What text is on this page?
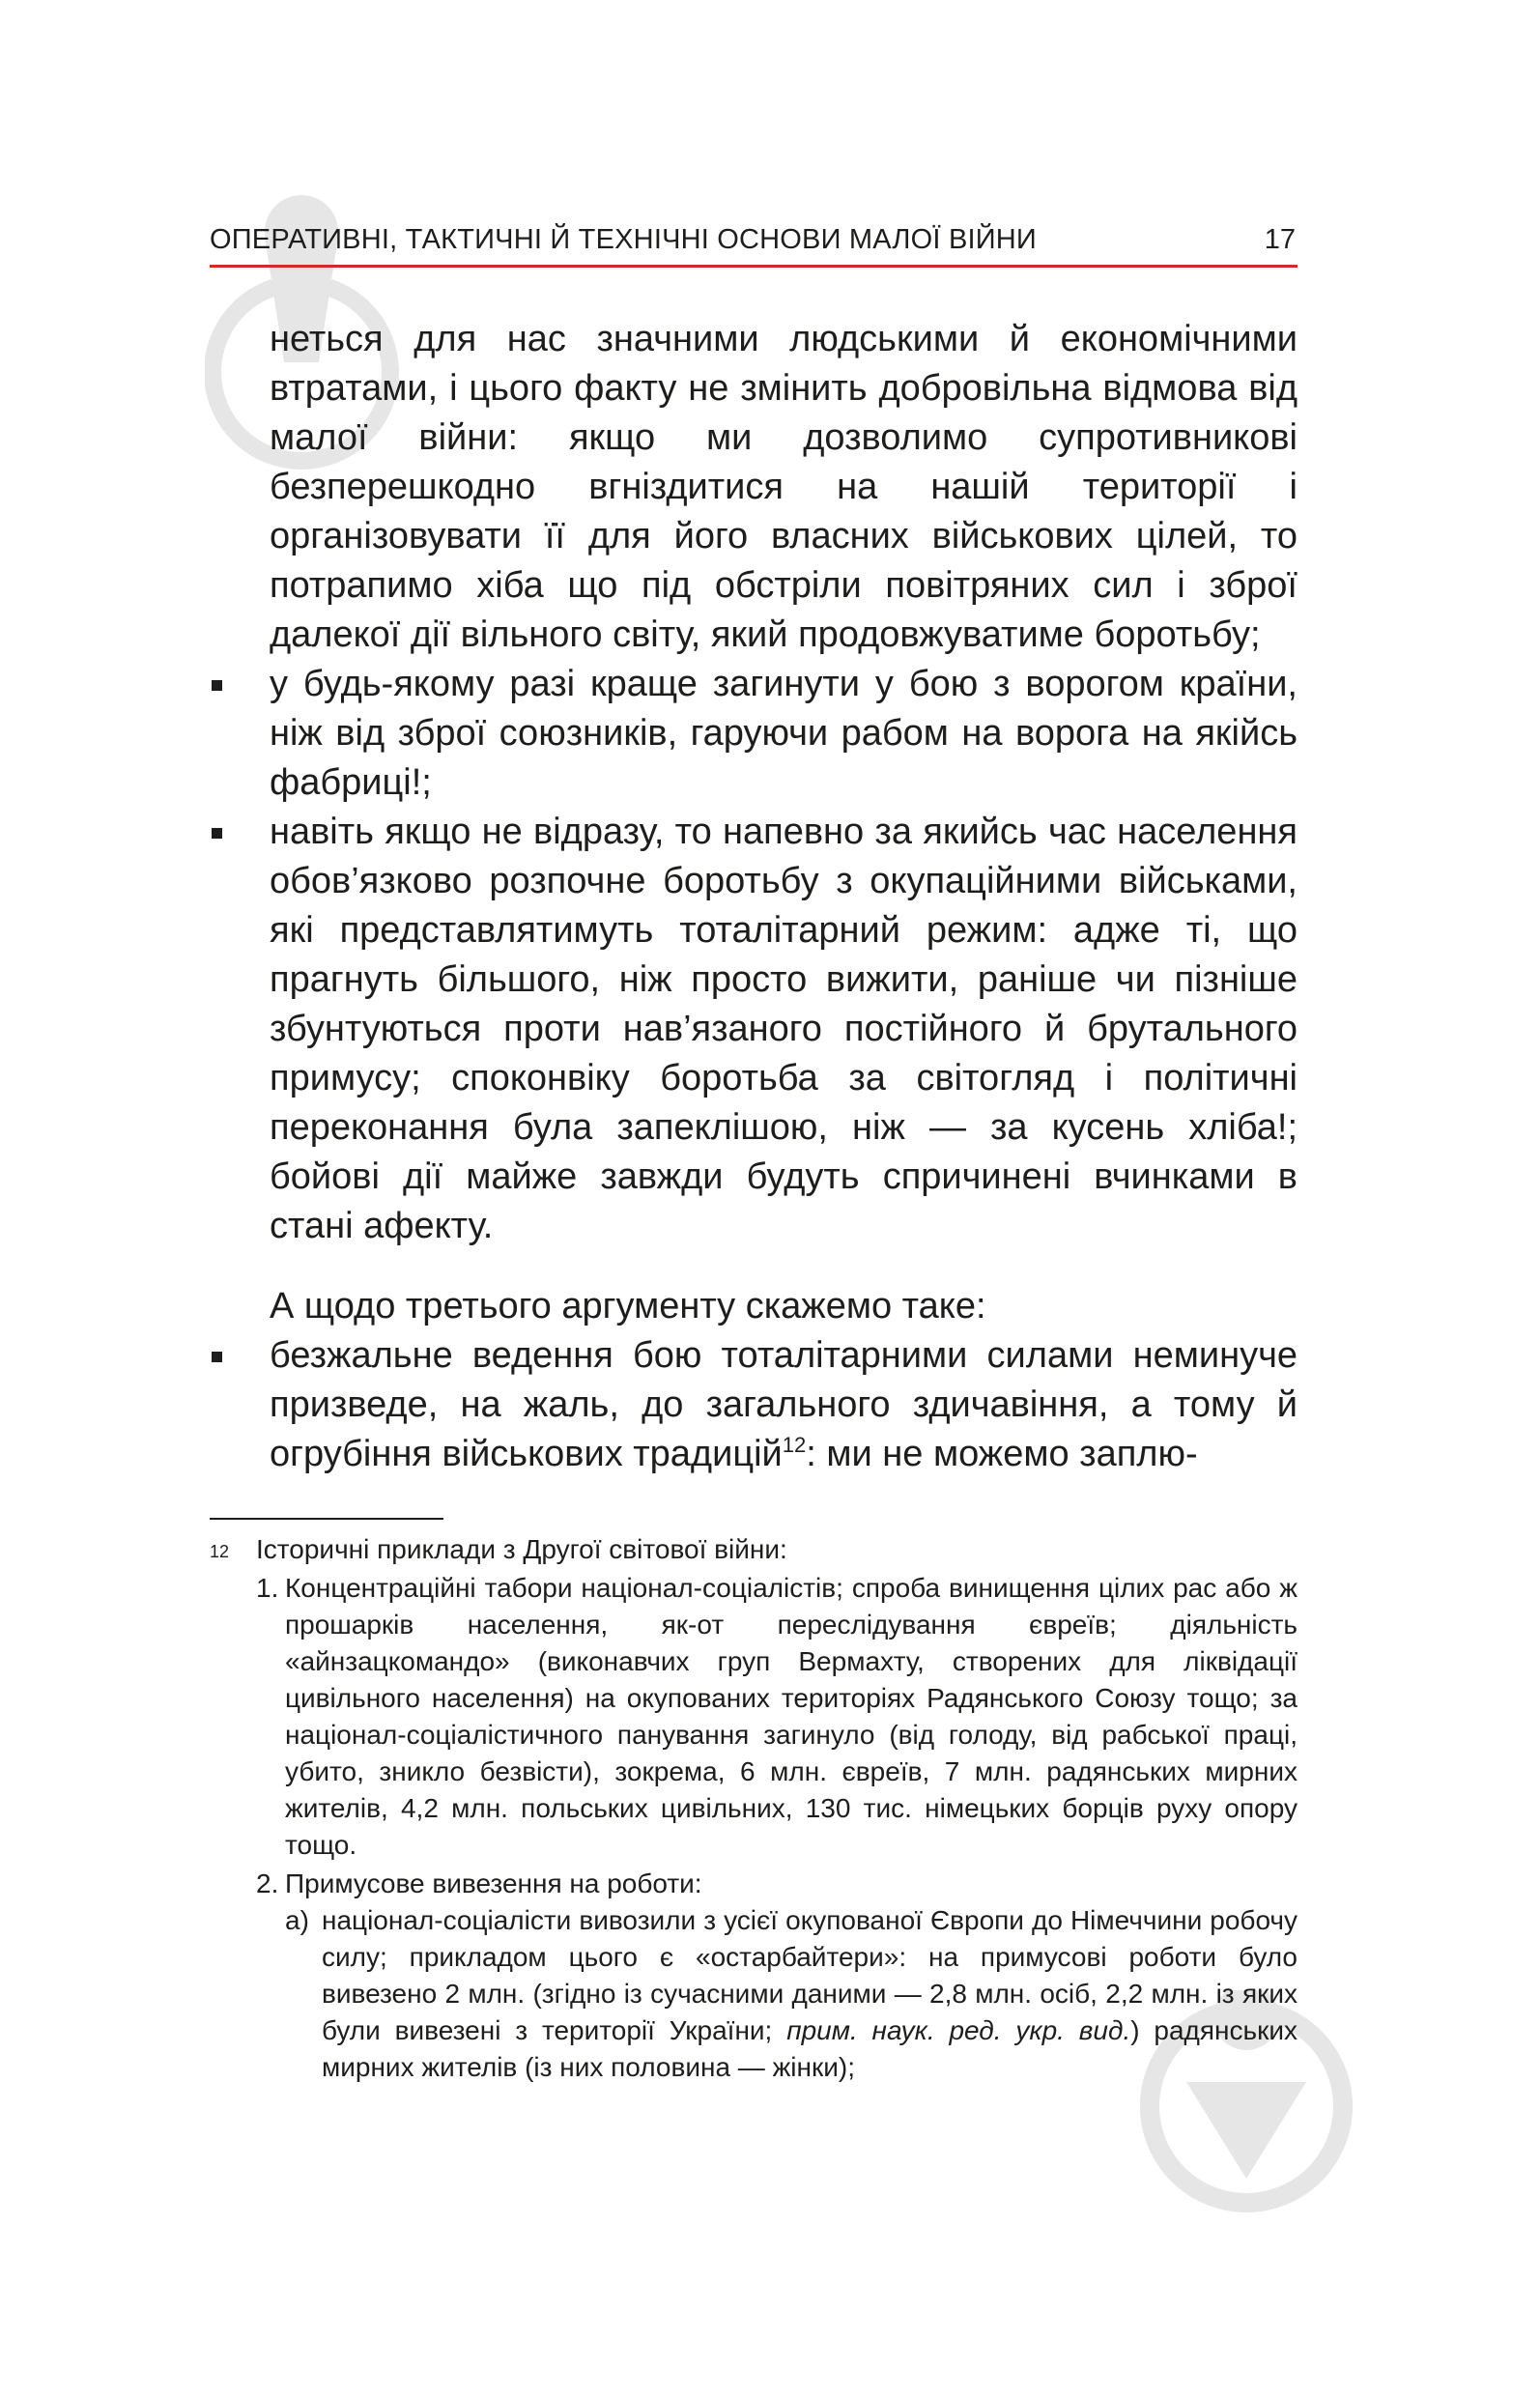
ОПЕРАТИВНІ, ТАКТИЧНІ Й ТЕХНІЧНІ ОСНОВИ МАЛОЇ ВІЙНИ	17

неться для нас значними людськими й економічними втратами, і цього факту не змінить добровільна відмова від малої війни: якщо ми дозволимо супротивникові безперешкодно вгніздитися на нашій території і організовувати її для його власних військових цілей, то потрапимо хіба що під обстріли повітряних сил і зброї далекої дії вільного світу, який продовжуватиме боротьбу;

у будь-якому разі краще загинути у бою з ворогом країни, ніж від зброї союзників, гаруючи рабом на ворога на якійсь фабриці!;
навіть якщо не відразу, то напевно за якийсь час населення обов’язково розпочне боротьбу з окупаційними військами, які представлятимуть тоталітарний режим: адже ті, що прагнуть більшого, ніж просто вижити, раніше чи пізніше збунтуються проти нав’язаного постійного й брутального примусу; споконвіку боротьба за світогляд і політичні переконання була запеклішою, ніж — за кусень хліба!; бойові дії майже завжди будуть спричинені вчинками в стані афекту.

А щодо третього аргументу скажемо таке:

безжальне ведення бою тоталітарними силами неминуче призведе, на жаль, до загального здичавіння, а тому й огрубіння військових традицій$^{12}$: ми не можемо заплю-

12 Історичні приклади з Другої світової війни:

1. Концентраційні табори націонал-соціалістів; спроба винищення цілих рас або ж прошарків населення, як-от переслідування євреїв; діяльність «айнзацкомандо» (виконавчих груп Вермахту, створених для ліквідації цивільного населення) на окупованих територіях Радянського Союзу тощо; за націонал-соціалістичного панування загинуло (від голоду, від рабської праці, убито, зникло безвісти), зокрема, 6 млн. євреїв, 7 млн. радянських мирних жителів, 4,2 млн. польських цивільних, 130 тис. німецьких борців руху опору тощо.
2. Примусове вивезення на роботи:
а) націонал-соціалісти вивозили з усієї окупованої Європи до Німеччини робочу силу; прикладом цього є «остарбайтери»: на примусові роботи було вивезено 2 млн. (згідно із сучасними даними — 2,8 млн. осіб, 2,2 млн. із яких були вивезені з території України; прим. наук. ред. укр. вид.) радянських мирних жителів (із них половина — жінки);
